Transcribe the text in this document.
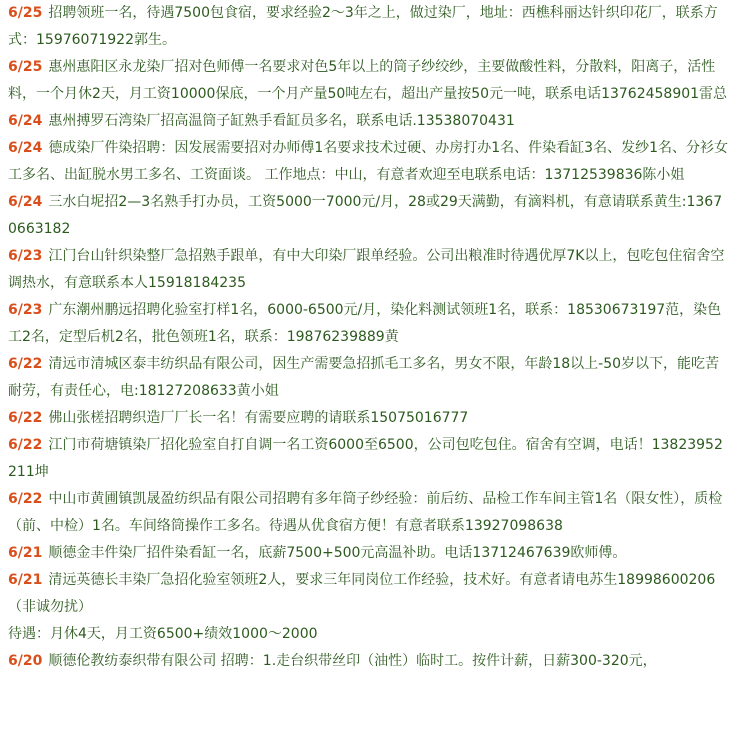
6/25 招聘领班一名，待遇7500包食宿，要求经验2～3年之上，做过染厂，地址：西樵科丽达针织印花厂，联系方式：15976071922郭生。

6/25 惠州惠阳区永龙染厂招对色师傅一名要求对色5年以上的筒子纱绞纱，主要做酸性料，分散料，阳离子，活性料，一个月休2天，月工资10000保底，一个月产量50吨左右，超出产量按50元一吨，联系电话13762458901雷总

6/24 惠州搏罗石湾染厂招高温筒子缸熟手看缸员多名，联系电话.13538070431

6/24 德成染厂件染招聘：因发展需要招对办师傅1名要求技术过硬、办房打办1名、件染看缸3名、发纱1名、分衫女工多名、出缸脱水男工多名、工资面谈。 工作地点：中山，有意者欢迎至电联系电话：13712539836陈小姐

6/24 三水白坭招2—3名熟手打办员，工资5000一7000元/月，28或29天满勤，有滴料机，有意请联系黄生:13670663182

6/23 江门台山针织染整厂急招熟手跟单，有中大印染厂跟单经验。公司出粮准时待遇优厚7K以上，包吃包住宿舍空调热水，有意联系本人15918184235

6/23 广东潮州鹏远招聘化验室打样1名，6000-6500元/月，染化料测试领班1名，联系：18530673197范，染色工2名，定型后机2名，批色领班1名，联系：19876239889黄

6/22 清远市清城区泰丰纺织品有限公司，因生产需要急招抓毛工多名，男女不限，年龄18以上-50岁以下，能吃苦耐劳，有责任心，电:18127208633黄小姐

6/22 佛山张槎招聘织造厂厂长一名！有需要应聘的请联系15075016777

6/22 江门市荷塘镇染厂招化验室自打自调一名工资6000至6500，公司包吃包住。宿舍有空调，电话！13823952211坤

6/22 中山市黄圃镇凯晟盈纺织品有限公司招聘有多年筒子纱经验：前后纺、品检工作车间主管1名（限女性），质检（前、中检）1名。车间络筒操作工多名。待遇从优食宿方便！有意者联系13927098638

6/21 顺德金丰件染厂招件染看缸一名，底薪7500+500元高温补助。电话13712467639欧师傅。

6/21 清远英德长丰染厂急招化验室领班2人，要求三年同岗位工作经验，技术好。有意者请电苏生18998600206（非诚勿扰）
待遇：月休4天，月工资6500+绩效1000～2000

6/20 顺德伦教纺泰织带有限公司 招聘：1.走台织带丝印（油性）临时工。按件计薪，日薪300-320元，
